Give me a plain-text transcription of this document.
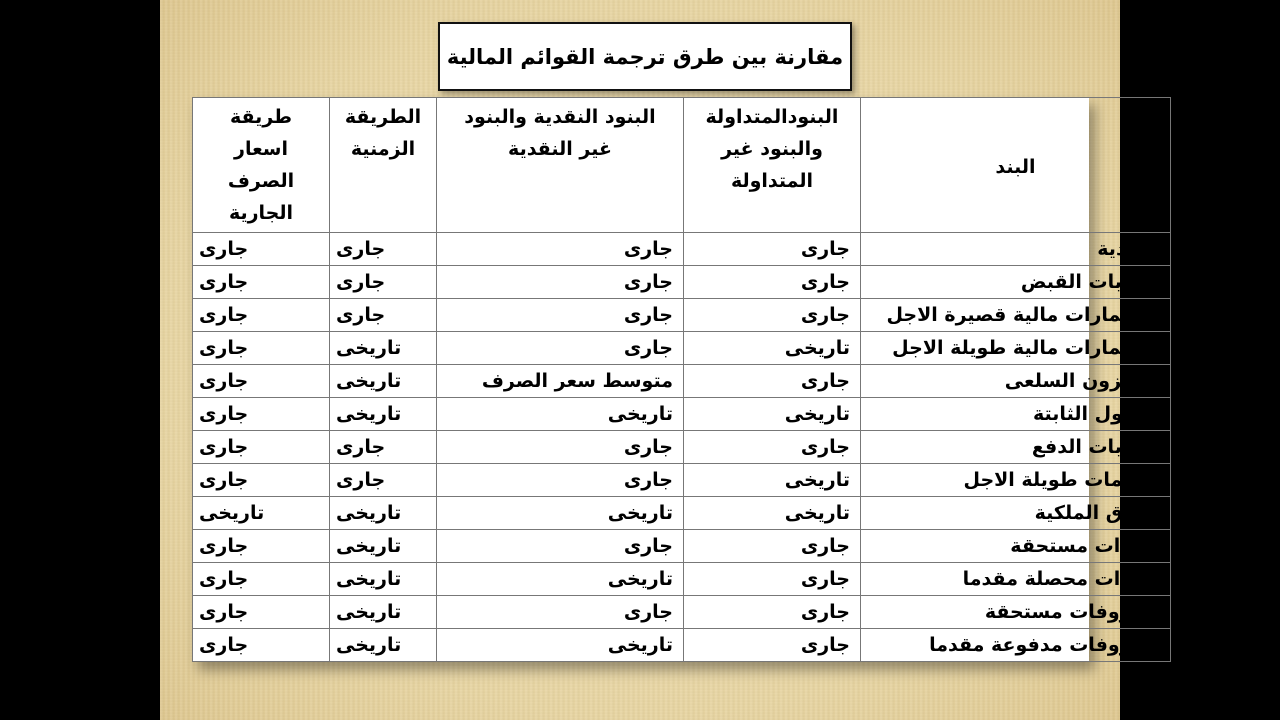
مقارنة بين طرق ترجمة القوائم المالية
البند	البنودالمتداولة والبنود غير المتداولة	البنود النقدية والبنود غير النقدية	الطريقة الزمنية	طريقة اسعار الصرف الجارية
النقدية	جارى	جارى	جارى	جارى
حسابات القبض	جارى	جارى	جارى	جارى
استثمارات مالية قصيرة الاجل	جارى	جارى	جارى	جارى
استثمارات مالية طويلة الاجل	تاريخى	جارى	تاريخى	جارى
المخزون السلعى	جارى	متوسط سعر الصرف	تاريخى	جارى
الاصول الثابتة	تاريخى	تاريخى	تاريخى	جارى
حسابات الدفع	جارى	جارى	جارى	جارى
التزامات طويلة الاجل	تاريخى	جارى	جارى	جارى
حقوق الملكية	تاريخى	تاريخى	تاريخى	تاريخى
ايرادات مستحقة	جارى	جارى	تاريخى	جارى
ايرادات محصلة مقدما	جارى	تاريخى	تاريخى	جارى
مصروفات مستحقة	جارى	جارى	تاريخى	جارى
مصروفات مدفوعة مقدما	جارى	تاريخى	تاريخى	جارى
